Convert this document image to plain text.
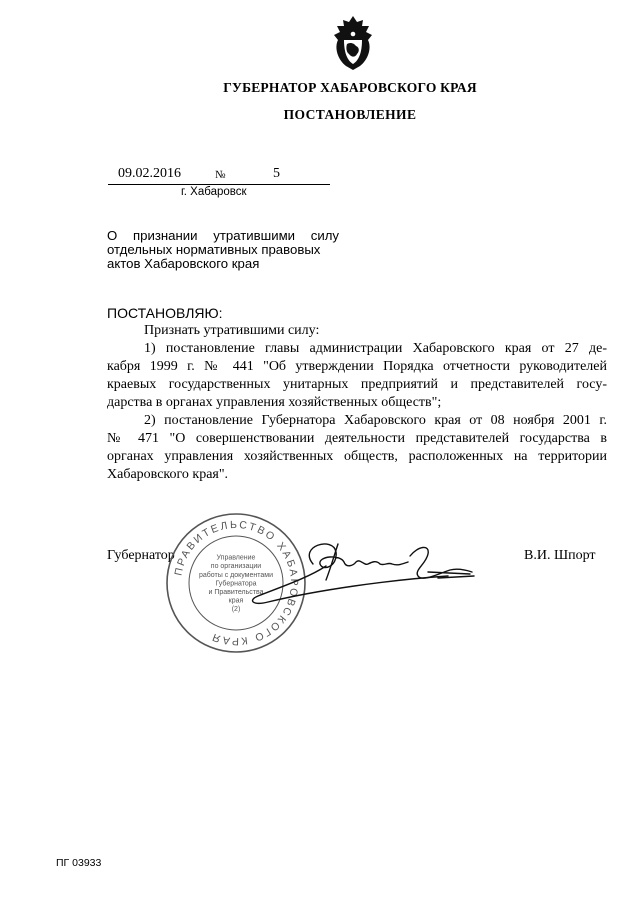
ГУБЕРНАТОР ХАБАРОВСКОГО КРАЯ
ПОСТАНОВЛЕНИЕ
09.02.2016	№	5
г. Хабаровск
О признании утратившими силу
отдельных нормативных правовых
актов Хабаровского края
ПОСТАНОВЛЯЮ:
Признать утратившими силу:
1) постановление главы администрации Хабаровского края от 27 де-
кабря 1999 г. № 441 "Об утверждении Порядка отчетности руководителей
краевых государственных унитарных предприятий и представителей госу-
дарства в органах управления хозяйственных обществ";
2) постановление Губернатора Хабаровского края от 08 ноября 2001 г.
№ 471 "О совершенствовании деятельности представителей государства в
органах управления хозяйственных обществ, расположенных на территории
Хабаровского края".
Губернатор	В.И. Шпорт
ПРАВИТЕЛЬСТВО ХАБАРОВСКОГО КРАЯ
Управление
по организации
работы с документами
Губернатора
и Правительства
края
(2)
ПГ 03933
